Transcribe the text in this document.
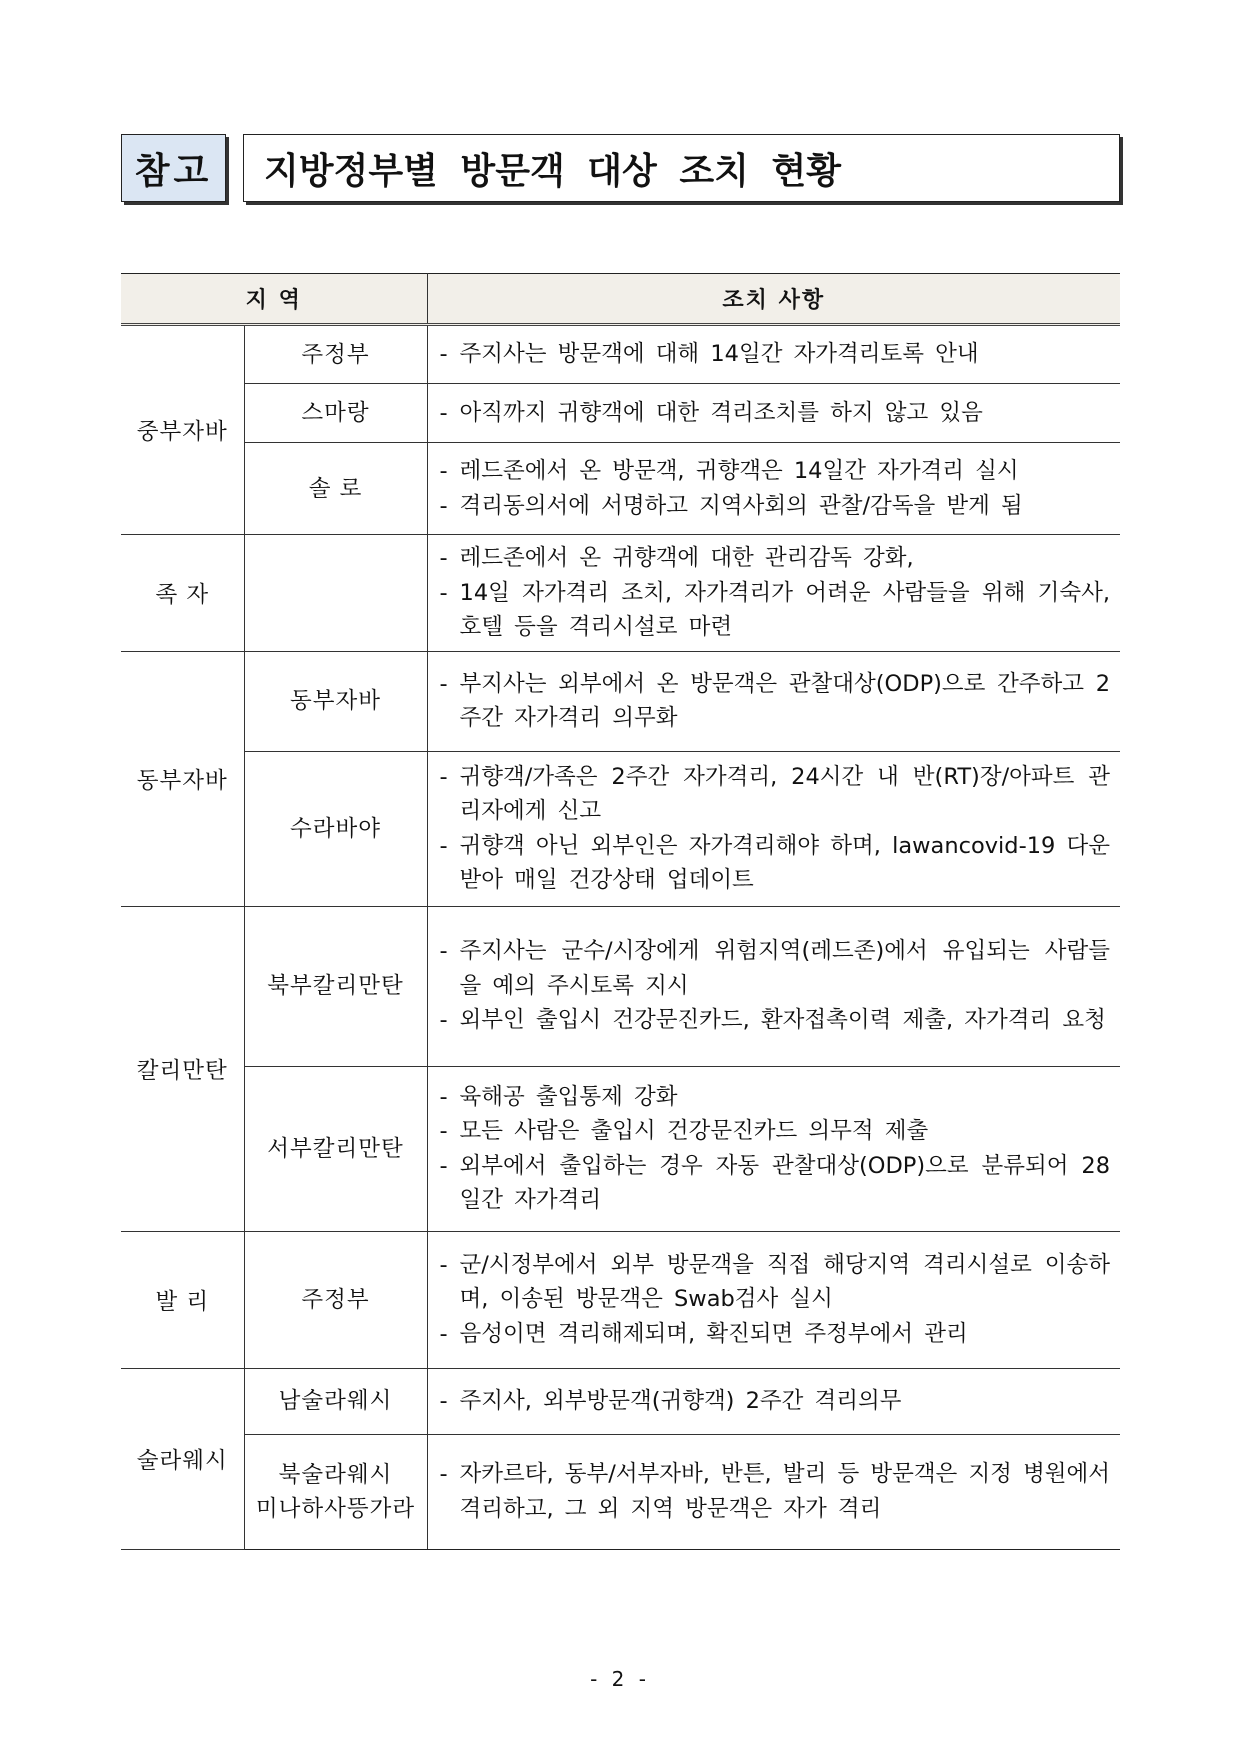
참고	지방정부별 방문객 대상 조치 현황
지 역		조치 사항
중부자바	주정부	- 주지사는 방문객에 대해 14일간 자가격리토록 안내

	스마랑	- 아직까지 귀향객에 대한 격리조치를 하지 않고 있음

	솔 로	- 레드존에서 온 방문객, 귀향객은 14일간 자가격리 실시
- 격리동의서에 서명하고 지역사회의 관찰/감독을 받게 됨

족 자		- 레드존에서 온 귀향객에 대한 관리감독 강화,
- 14일 자가격리 조치, 자가격리가 어려운 사람들을 위해 기숙사, 호텔 등을 격리시설로 마련

동부자바	동부자바	- 부지사는 외부에서 온 방문객은 관찰대상(ODP)으로 간주하고 2주간 자가격리 의무화

	수라바야	- 귀향객/가족은 2주간 자가격리, 24시간 내 반(RT)장/아파트 관리자에게 신고
- 귀향객 아닌 외부인은 자가격리해야 하며, lawancovid-19 다운받아 매일 건강상태 업데이트

칼리만탄	북부칼리만탄	- 주지사는 군수/시장에게 위험지역(레드존)에서 유입되는 사람들을 예의 주시토록 지시
- 외부인 출입시 건강문진카드, 환자접촉이력 제출, 자가격리 요청

	서부칼리만탄	- 육해공 출입통제 강화
- 모든 사람은 출입시 건강문진카드 의무적 제출
- 외부에서 출입하는 경우 자동 관찰대상(ODP)으로 분류되어 28일간 자가격리

발 리	주정부	- 군/시정부에서 외부 방문객을 직접 해당지역 격리시설로 이송하며, 이송된 방문객은 Swab검사 실시
- 음성이면 격리해제되며, 확진되면 주정부에서 관리

술라웨시	남술라웨시	- 주지사, 외부방문객(귀향객) 2주간 격리의무

	북술라웨시
미나하사뜽가라	- 자카르타, 동부/서부자바, 반튼, 발리 등 방문객은 지정 병원에서 격리하고, 그 외 지역 방문객은 자가 격리
- 2 -
